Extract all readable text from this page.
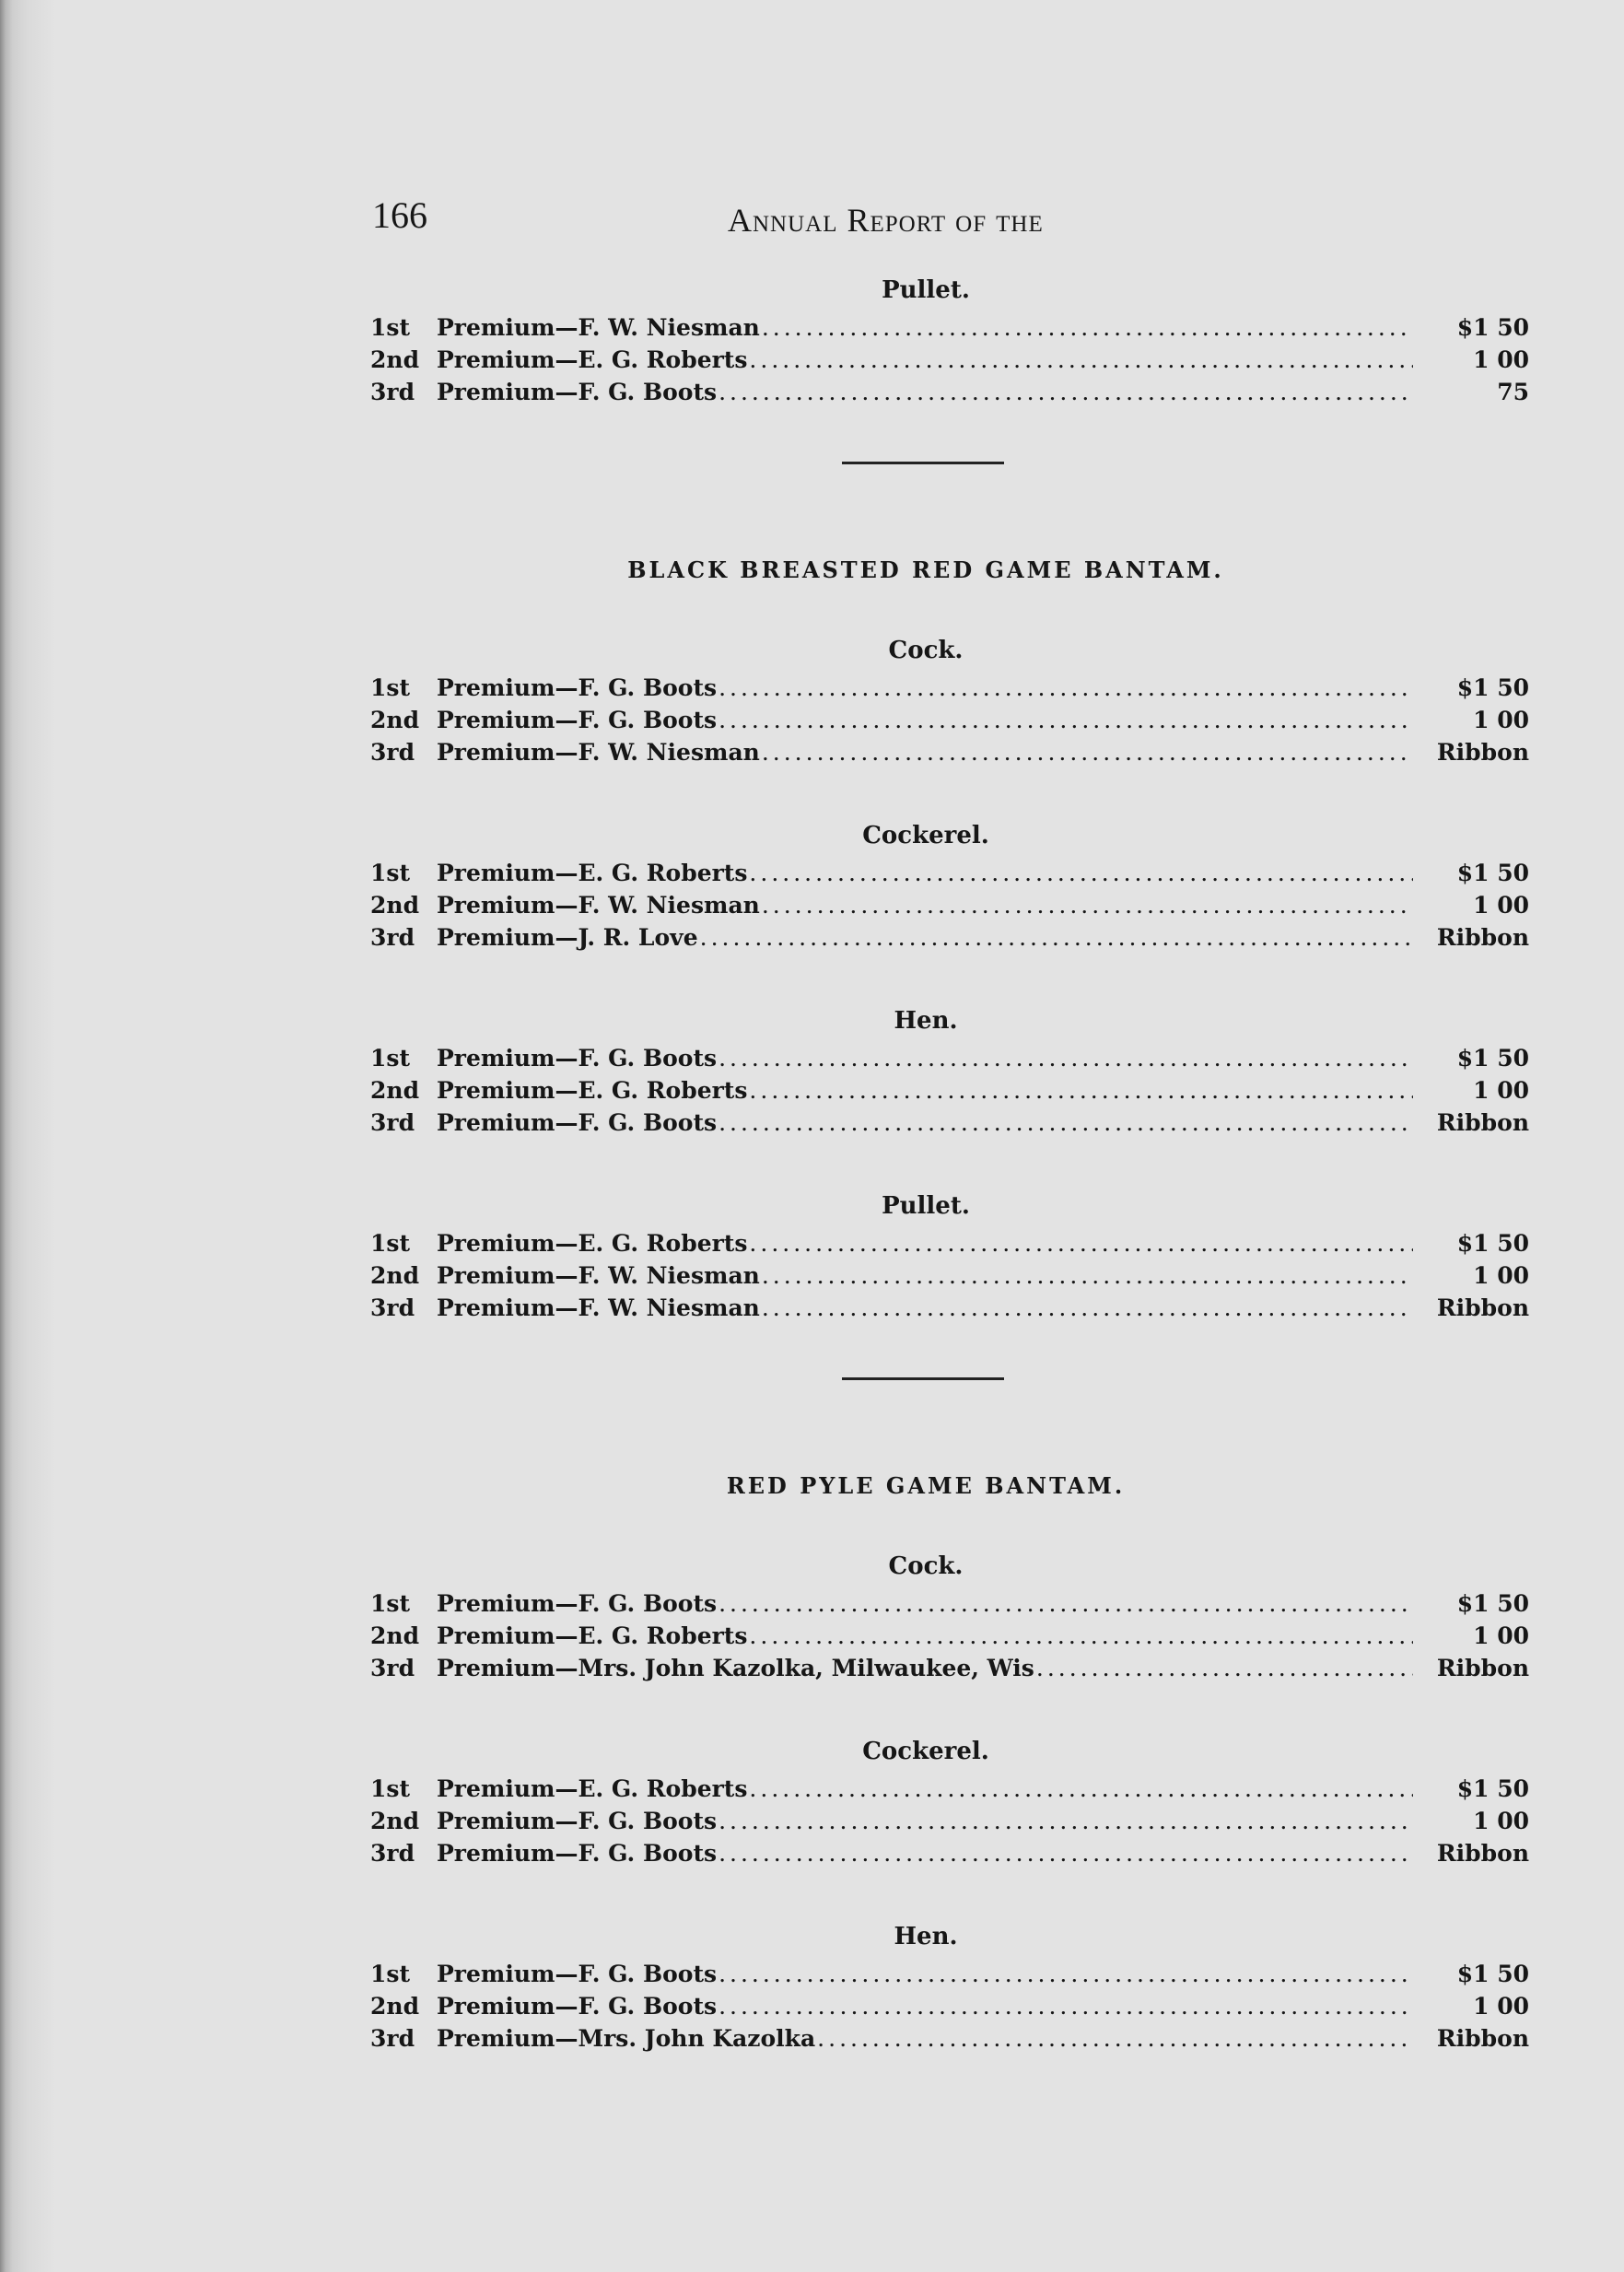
166	Annual Report of the

Pullet.

1st	Premium—F. W. Niesman .....	$1 50
2nd Premium—E. G. Roberts .....	1 00
3rd Premium—F. G. Boots .....	75

BLACK BREASTED RED GAME BANTAM.

Cock.

1st	Premium—F. G. Boots .....	$1 50
2nd Premium—F. G. Boots .....	1 00
3rd Premium—F. W. Niesman .....	Ribbon

Cockerel.

1st	Premium—E. G. Roberts .....	$1 50
2nd Premium—F. W. Niesman .....	1 00
3rd Premium—J. R. Love .....	Ribbon

Hen.

1st	Premium—F. G. Boots .....	$1 50
2nd Premium—E. G. Roberts .....	1 00
3rd Premium—F. G. Boots .....	Ribbon

Pullet.

1st	Premium—E. G. Roberts .....	$1 50
2nd Premium—F. W. Niesman .....	1 00
3rd Premium—F. W. Niesman .....	Ribbon

RED PYLE GAME BANTAM.

Cock.

1st	Premium—F. G. Boots .....	$1 50
2nd Premium—E. G. Roberts .....	1 00
3rd Premium—Mrs. John Kazolka, Milwaukee, Wis .....	Ribbon

Cockerel.

1st	Premium—E. G. Roberts .....	$1 50
2nd Premium—F. G. Boots .....	1 00
3rd Premium—F. G. Boots .....	Ribbon

Hen.

1st	Premium—F. G. Boots .....	$1 50
2nd Premium—F. G. Boots .....	1 00
3rd Premium—Mrs. John Kazolka .....	Ribbon
